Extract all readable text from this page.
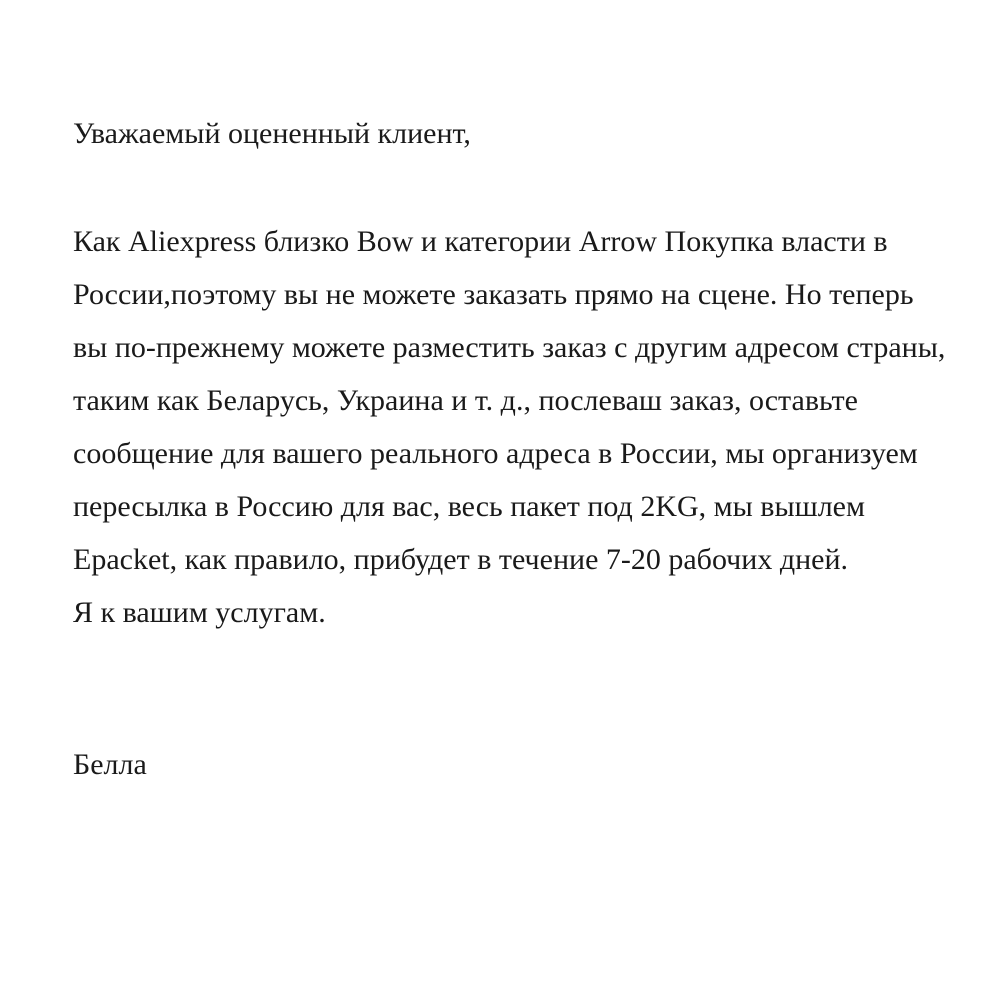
Уважаемый оцененный клиент,
Как Aliexpress близко Bow и категории Arrow Покупка власти в
России,поэтому вы не можете заказать прямо на сцене. Но теперь
вы по-прежнему можете разместить заказ с другим адресом страны,
таким как Беларусь, Украина и т. д., послеваш заказ, оставьте
сообщение для вашего реального адреса в России, мы организуем
пересылка в Россию для вас, весь пакет под 2KG, мы вышлем
Epacket, как правило, прибудет в течение 7-20 рабочих дней.
Я к вашим услугам.
Белла
